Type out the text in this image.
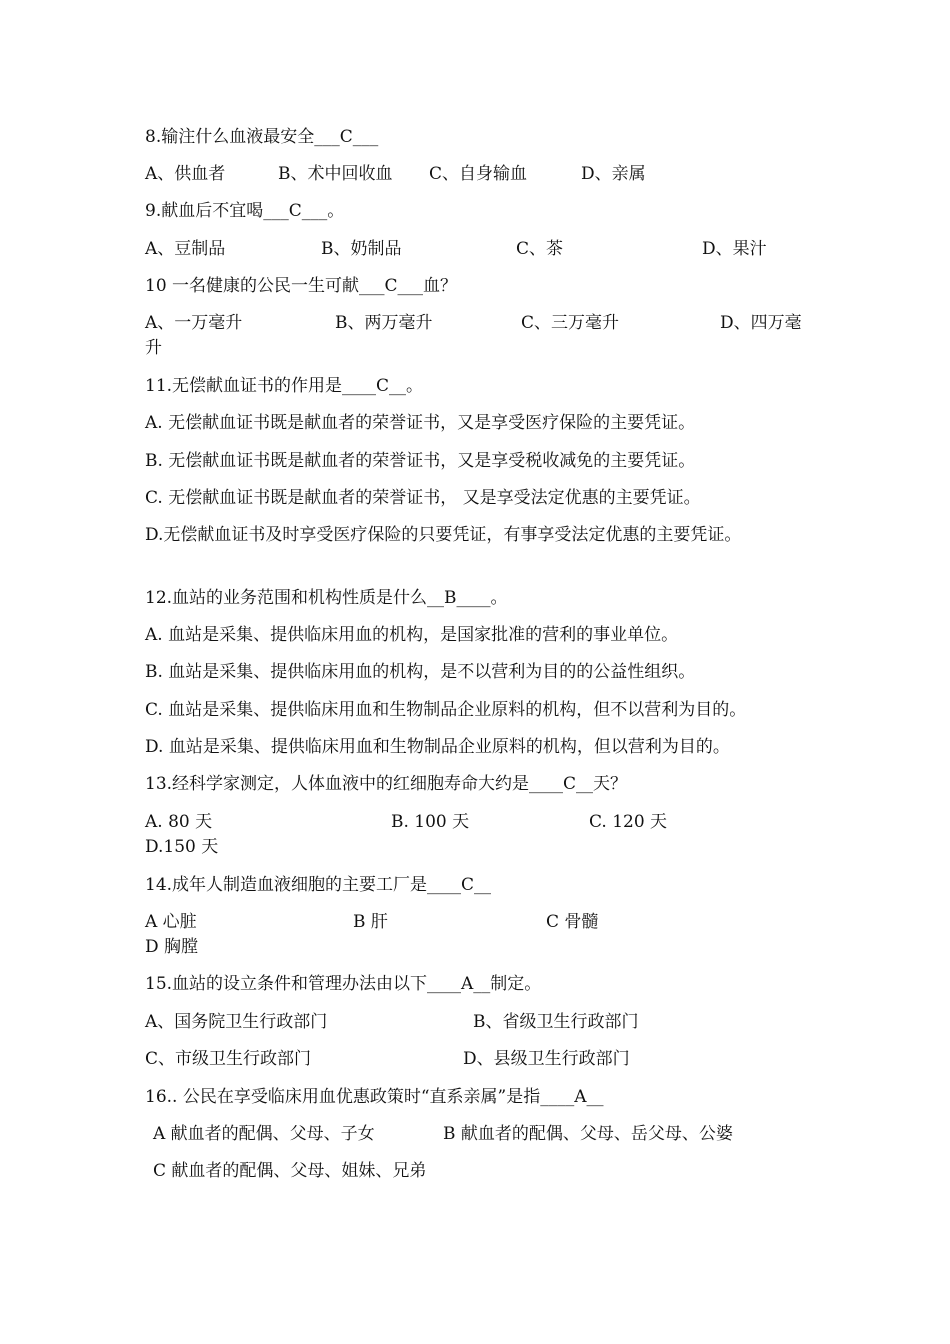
8.输注什么血液最安全___C___
A、供血者	B、术中回收血 C、自身输血	D、亲属
9.献血后不宜喝___C___。
A、豆制品	B、奶制品	C、茶	D、果汁
10 一名健康的公民一生可献___C___血？
A、一万毫升	B、两万毫升	C、三万毫升	D、四万毫
升
11.无偿献血证书的作用是____C__。
A. 无偿献血证书既是献血者的荣誉证书，又是享受医疗保险的主要凭证。
B. 无偿献血证书既是献血者的荣誉证书，又是享受税收减免的主要凭证。
C. 无偿献血证书既是献血者的荣誉证书， 又是享受法定优惠的主要凭证。
D.无偿献血证书及时享受医疗保险的只要凭证，有事享受法定优惠的主要凭证。
12.血站的业务范围和机构性质是什么__B____。
A. 血站是采集、提供临床用血的机构，是国家批准的营利的事业单位。
B. 血站是采集、提供临床用血的机构，是不以营利为目的的公益性组织。
C. 血站是采集、提供临床用血和生物制品企业原料的机构，但不以营利为目的。
D. 血站是采集、提供临床用血和生物制品企业原料的机构，但以营利为目的。
13.经科学家测定，人体血液中的红细胞寿命大约是____C__天？
A. 80 天	B. 100 天	C. 120 天
D.150 天
14.成年人制造血液细胞的主要工厂是____C__
A 心脏	B 肝	C 骨髓
D 胸膛
15.血站的设立条件和管理办法由以下____A__制定。
A、国务院卫生行政部门	B、省级卫生行政部门
C、市级卫生行政部门	D、县级卫生行政部门
16.. 公民在享受临床用血优惠政策时“直系亲属”是指____A__
A 献血者的配偶、父母、子女	B 献血者的配偶、父母、岳父母、公婆
C 献血者的配偶、父母、姐妹、兄弟
